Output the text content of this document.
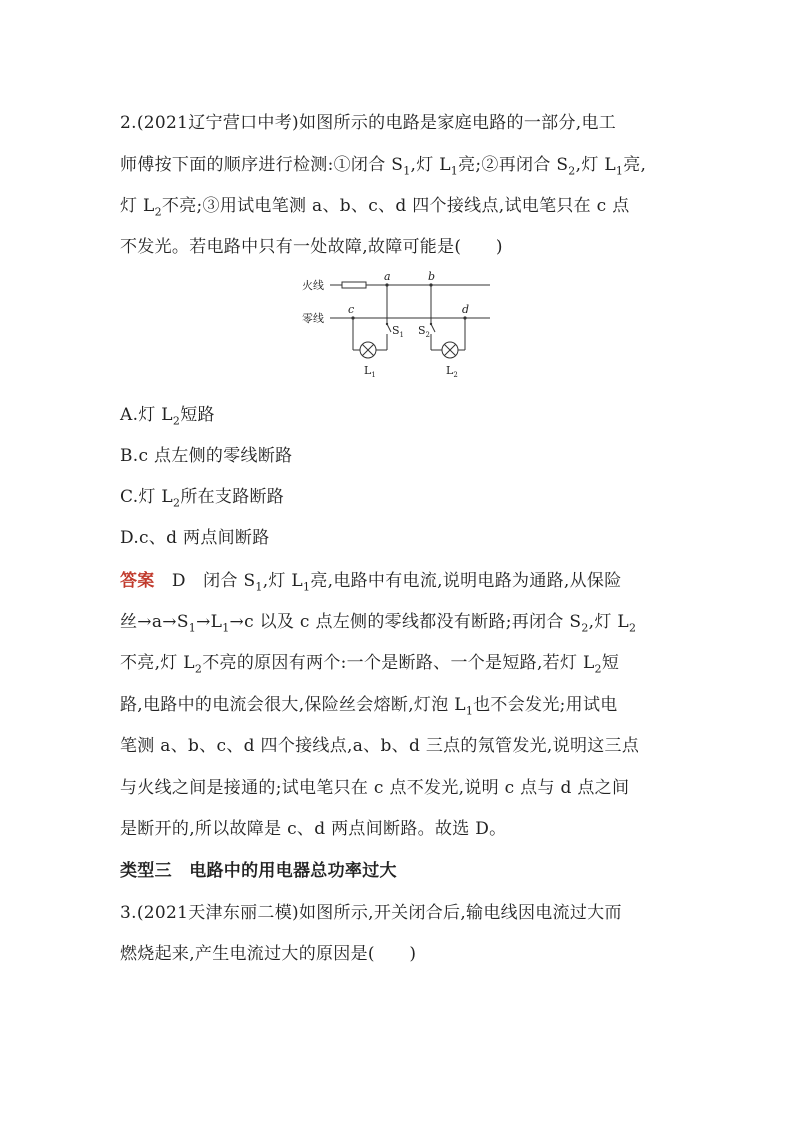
2.(2021辽宁营口中考)如图所示的电路是家庭电路的一部分,电工
师傅按下面的顺序进行检测:①闭合 $S_1$,灯 $L_1$亮;②再闭合 $S_2$,灯 $L_1$亮,
灯 $L_2$不亮;③用试电笔测 a、b、c、d 四个接线点,试电笔只在 c 点
不发光。若电路中只有一处故障,故障可能是(　　)
火线
零线
a	b
c	d
$S_1$ $S_2$
$L_1$	$L_2$
A.灯 $L_2$短路
B.c 点左侧的零线断路
C.灯 $L_2$所在支路断路
D.c、d 两点间断路
答案　D　闭合 $S_1$,灯 $L_1$亮,电路中有电流,说明电路为通路,从保险
丝$\to a\to S_1\to L_1\to c$ 以及 c 点左侧的零线都没有断路;再闭合 $S_2$,灯 $L_2$
不亮,灯 $L_2$不亮的原因有两个:一个是断路、一个是短路,若灯 $L_2$短
路,电路中的电流会很大,保险丝会熔断,灯泡 $L_1$也不会发光;用试电
笔测 a、b、c、d 四个接线点,a、b、d 三点的氖管发光,说明这三点
与火线之间是接通的;试电笔只在 c 点不发光,说明 c 点与 d 点之间
是断开的,所以故障是 c、d 两点间断路。故选 D。
类型三　电路中的用电器总功率过大
3.(2021天津东丽二模)如图所示,开关闭合后,输电线因电流过大而
燃烧起来,产生电流过大的原因是(　　)
